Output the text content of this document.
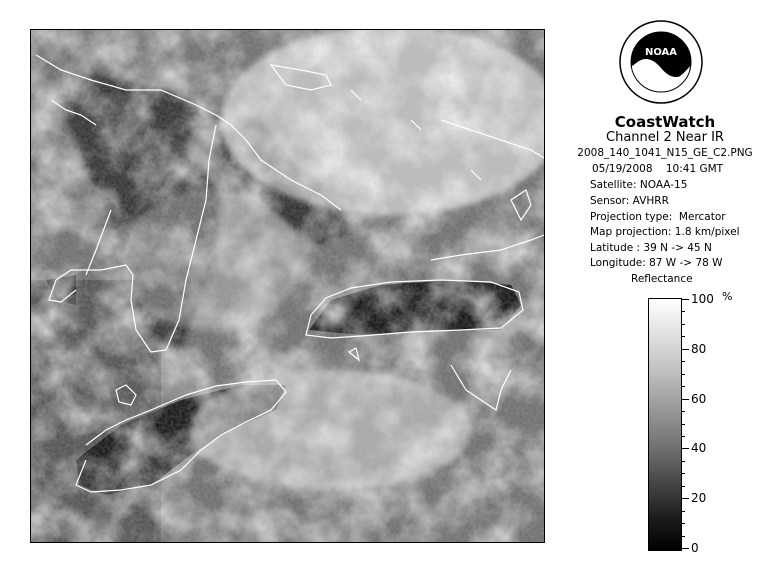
NOAA
CoastWatch
Channel 2 Near IR
2008_140_1041_N15_GE_C2.PNG
05/19/2008    10:41 GMT
Satellite: NOAA-15
Sensor: AVHRR
Projection type:  Mercator
Map projection: 1.8 km/pixel
Latitude : 39 N -> 45 N
Longitude: 87 W -> 78 W
Reflectance
%
100
80
60
40
20
0
